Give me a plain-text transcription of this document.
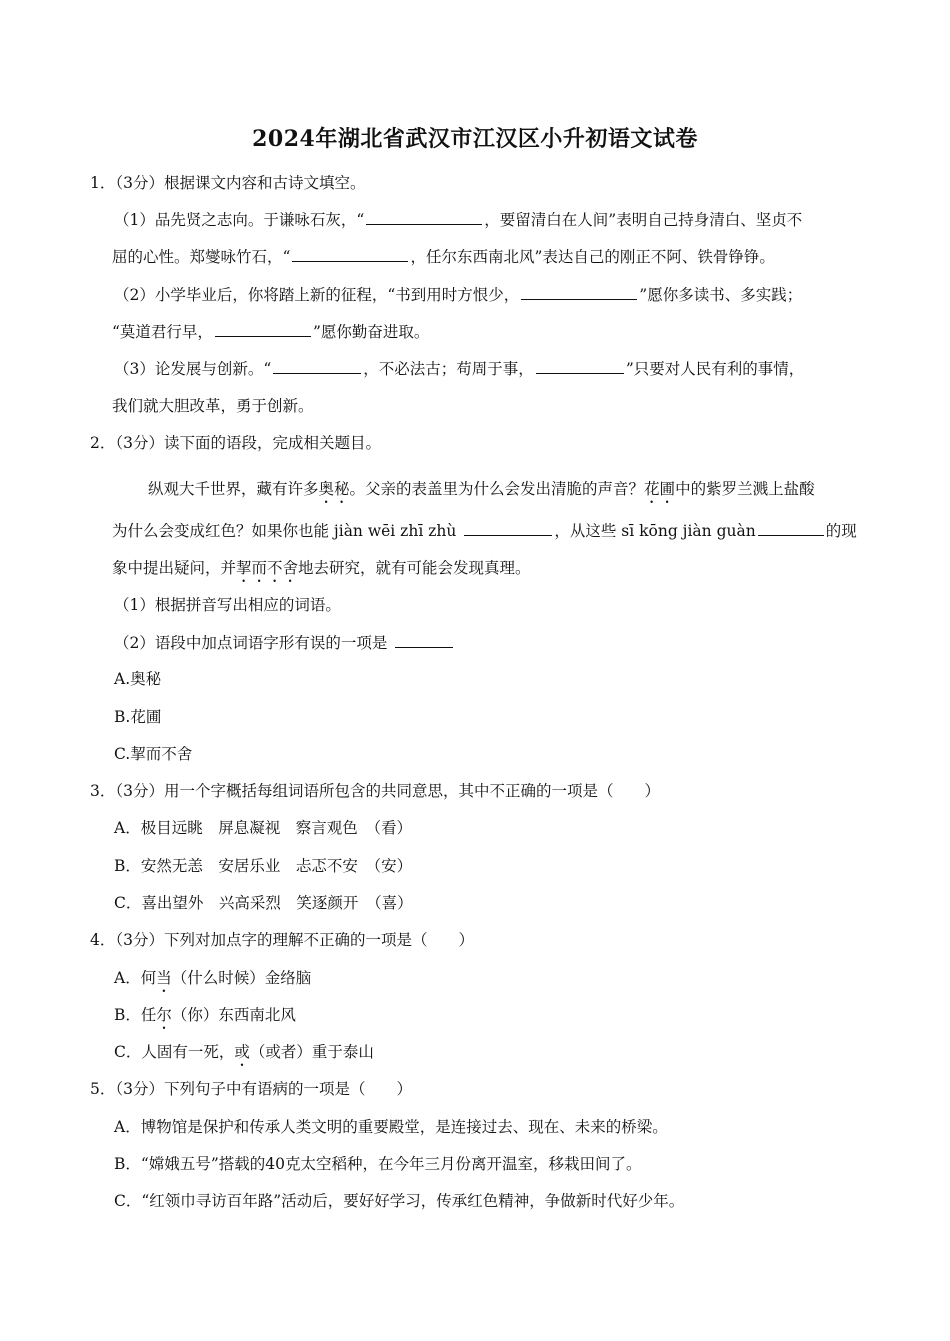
2024年湖北省武汉市江汉区小升初语文试卷
1．（3分）根据课文内容和古诗文填空。
（1）品先贤之志向。于谦咏石灰，“	，要留清白在人间”表明自己持身清白、坚贞不
屈的心性。郑燮咏竹石，“	，任尔东西南北风”表达自己的刚正不阿、铁骨铮铮。
（2）小学毕业后，你将踏上新的征程，“书到用时方恨少，	”愿你多读书、多实践；
“莫道君行早，	”愿你勤奋进取。
（3）论发展与创新。“	，不必法古；苟周于事，	”只要对人民有利的事情，
我们就大胆改革，勇于创新。
2．（3分）读下面的语段，完成相关题目。
纵观大千世界，藏有许多奥秘。父亲的表盖里为什么会发出清脆的声音？花圃中的紫罗兰溅上盐酸
为什么会变成红色？如果你也能 jiàn wēi zhī zhù	，从这些 sī kōng jiàn guàn	的现
象中提出疑问，并挈而不舍地去研究，就有可能会发现真理。
（1）根据拼音写出相应的词语。
（2）语段中加点词语字形有误的一项是
A.奥秘
B.花圃
C.挈而不舍
3．（3分）用一个字概括每组词语所包含的共同意思，其中不正确的一项是（　　）
A．极目远眺　屏息凝视　察言观色　（看）
B．安然无恙　安居乐业　忐忑不安　（安）
C．喜出望外　兴高采烈　笑逐颜开　（喜）
4．（3分）下列对加点字的理解不正确的一项是（　　）
A．何当（什么时候）金络脑
B．任尔（你）东西南北风
C．人固有一死，或（或者）重于泰山
5．（3分）下列句子中有语病的一项是（　　）
A．博物馆是保护和传承人类文明的重要殿堂，是连接过去、现在、未来的桥梁。
B．“嫦娥五号”搭载的40克太空稻种，在今年三月份离开温室，移栽田间了。
C．“红领巾寻访百年路”活动后，要好好学习，传承红色精神，争做新时代好少年。
